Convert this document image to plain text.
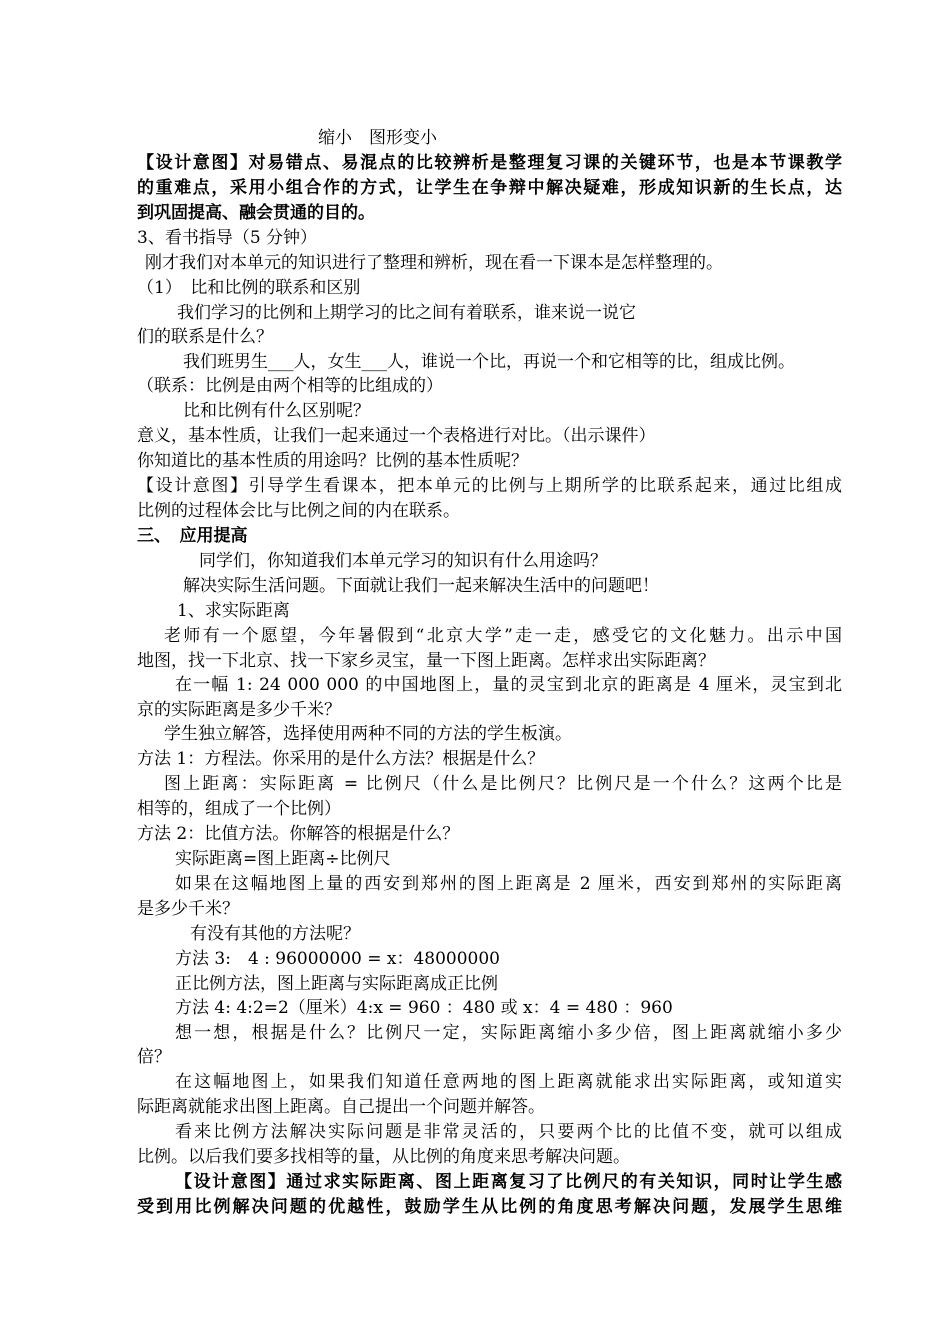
缩小　图形变小
【设计意图】对易错点、易混点的比较辨析是整理复习课的关键环节，也是本节课教学
的重难点，采用小组合作的方式，让学生在争辩中解决疑难，形成知识新的生长点，达
到巩固提高、融会贯通的目的。
3、看书指导（5 分钟）
刚才我们对本单元的知识进行了整理和辨析，现在看一下课本是怎样整理的。
（1）　比和比例的联系和区别
我们学习的比例和上期学习的比之间有着联系，谁来说一说它
们的联系是什么？
我们班男生___人，女生___人，谁说一个比，再说一个和它相等的比，组成比例。
（联系：比例是由两个相等的比组成的）
比和比例有什么区别呢？
意义，基本性质，让我们一起来通过一个表格进行对比。（出示课件）
你知道比的基本性质的用途吗？比例的基本性质呢？
【设计意图】引导学生看课本，把本单元的比例与上期所学的比联系起来，通过比组成
比例的过程体会比与比例之间的内在联系。
三、　应用提高
同学们，你知道我们本单元学习的知识有什么用途吗？
解决实际生活问题。下面就让我们一起来解决生活中的问题吧！
1、求实际距离
老师有一个愿望，今年暑假到“北京大学”走一走，感受它的文化魅力。出示中国
地图，找一下北京、找一下家乡灵宝，量一下图上距离。怎样求出实际距离？
在一幅 1: 24 000 000 的中国地图上，量的灵宝到北京的距离是 4 厘米，灵宝到北
京的实际距离是多少千米？
学生独立解答，选择使用两种不同的方法的学生板演。
方法 1：方程法。你采用的是什么方法？根据是什么？
图上距离：实际距离 = 比例尺（什么是比例尺？比例尺是一个什么？这两个比是
相等的，组成了一个比例）
方法 2：比值方法。你解答的根据是什么？
实际距离=图上距离÷比例尺
如果在这幅地图上量的西安到郑州的图上距离是 2 厘米，西安到郑州的实际距离
是多少千米？
有没有其他的方法呢？
方法 3:　4 : 96000000 = x：48000000
正比例方法，图上距离与实际距离成正比例
方法 4: 4:2=2（厘米）4:x = 960 ：480 或 x：4 = 480 ：960
想一想，根据是什么？比例尺一定，实际距离缩小多少倍，图上距离就缩小多少
倍？
在这幅地图上，如果我们知道任意两地的图上距离就能求出实际距离，或知道实
际距离就能求出图上距离。自己提出一个问题并解答。
看来比例方法解决实际问题是非常灵活的，只要两个比的比值不变，就可以组成
比例。以后我们要多找相等的量，从比例的角度来思考解决问题。
【设计意图】通过求实际距离、图上距离复习了比例尺的有关知识，同时让学生感
受到用比例解决问题的优越性，鼓励学生从比例的角度思考解决问题，发展学生思维
